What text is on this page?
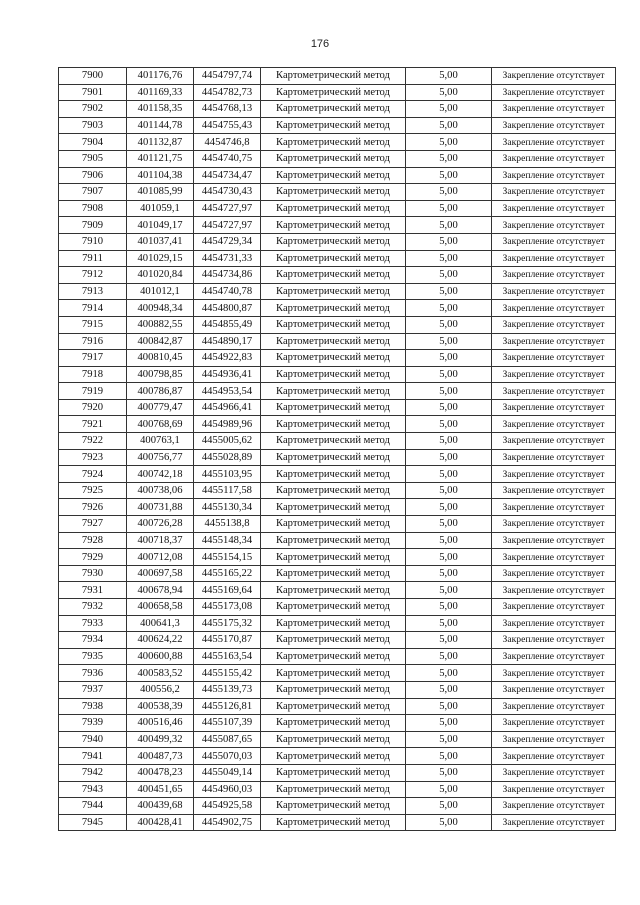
176
7900	401176,76	4454797,74	Картометрический метод	5,00	Закрепление отсутствует
7901	401169,33	4454782,73	Картометрический метод	5,00	Закрепление отсутствует
7902	401158,35	4454768,13	Картометрический метод	5,00	Закрепление отсутствует
7903	401144,78	4454755,43	Картометрический метод	5,00	Закрепление отсутствует
7904	401132,87	4454746,8	Картометрический метод	5,00	Закрепление отсутствует
7905	401121,75	4454740,75	Картометрический метод	5,00	Закрепление отсутствует
7906	401104,38	4454734,47	Картометрический метод	5,00	Закрепление отсутствует
7907	401085,99	4454730,43	Картометрический метод	5,00	Закрепление отсутствует
7908	401059,1	4454727,97	Картометрический метод	5,00	Закрепление отсутствует
7909	401049,17	4454727,97	Картометрический метод	5,00	Закрепление отсутствует
7910	401037,41	4454729,34	Картометрический метод	5,00	Закрепление отсутствует
7911	401029,15	4454731,33	Картометрический метод	5,00	Закрепление отсутствует
7912	401020,84	4454734,86	Картометрический метод	5,00	Закрепление отсутствует
7913	401012,1	4454740,78	Картометрический метод	5,00	Закрепление отсутствует
7914	400948,34	4454800,87	Картометрический метод	5,00	Закрепление отсутствует
7915	400882,55	4454855,49	Картометрический метод	5,00	Закрепление отсутствует
7916	400842,87	4454890,17	Картометрический метод	5,00	Закрепление отсутствует
7917	400810,45	4454922,83	Картометрический метод	5,00	Закрепление отсутствует
7918	400798,85	4454936,41	Картометрический метод	5,00	Закрепление отсутствует
7919	400786,87	4454953,54	Картометрический метод	5,00	Закрепление отсутствует
7920	400779,47	4454966,41	Картометрический метод	5,00	Закрепление отсутствует
7921	400768,69	4454989,96	Картометрический метод	5,00	Закрепление отсутствует
7922	400763,1	4455005,62	Картометрический метод	5,00	Закрепление отсутствует
7923	400756,77	4455028,89	Картометрический метод	5,00	Закрепление отсутствует
7924	400742,18	4455103,95	Картометрический метод	5,00	Закрепление отсутствует
7925	400738,06	4455117,58	Картометрический метод	5,00	Закрепление отсутствует
7926	400731,88	4455130,34	Картометрический метод	5,00	Закрепление отсутствует
7927	400726,28	4455138,8	Картометрический метод	5,00	Закрепление отсутствует
7928	400718,37	4455148,34	Картометрический метод	5,00	Закрепление отсутствует
7929	400712,08	4455154,15	Картометрический метод	5,00	Закрепление отсутствует
7930	400697,58	4455165,22	Картометрический метод	5,00	Закрепление отсутствует
7931	400678,94	4455169,64	Картометрический метод	5,00	Закрепление отсутствует
7932	400658,58	4455173,08	Картометрический метод	5,00	Закрепление отсутствует
7933	400641,3	4455175,32	Картометрический метод	5,00	Закрепление отсутствует
7934	400624,22	4455170,87	Картометрический метод	5,00	Закрепление отсутствует
7935	400600,88	4455163,54	Картометрический метод	5,00	Закрепление отсутствует
7936	400583,52	4455155,42	Картометрический метод	5,00	Закрепление отсутствует
7937	400556,2	4455139,73	Картометрический метод	5,00	Закрепление отсутствует
7938	400538,39	4455126,81	Картометрический метод	5,00	Закрепление отсутствует
7939	400516,46	4455107,39	Картометрический метод	5,00	Закрепление отсутствует
7940	400499,32	4455087,65	Картометрический метод	5,00	Закрепление отсутствует
7941	400487,73	4455070,03	Картометрический метод	5,00	Закрепление отсутствует
7942	400478,23	4455049,14	Картометрический метод	5,00	Закрепление отсутствует
7943	400451,65	4454960,03	Картометрический метод	5,00	Закрепление отсутствует
7944	400439,68	4454925,58	Картометрический метод	5,00	Закрепление отсутствует
7945	400428,41	4454902,75	Картометрический метод	5,00	Закрепление отсутствует
